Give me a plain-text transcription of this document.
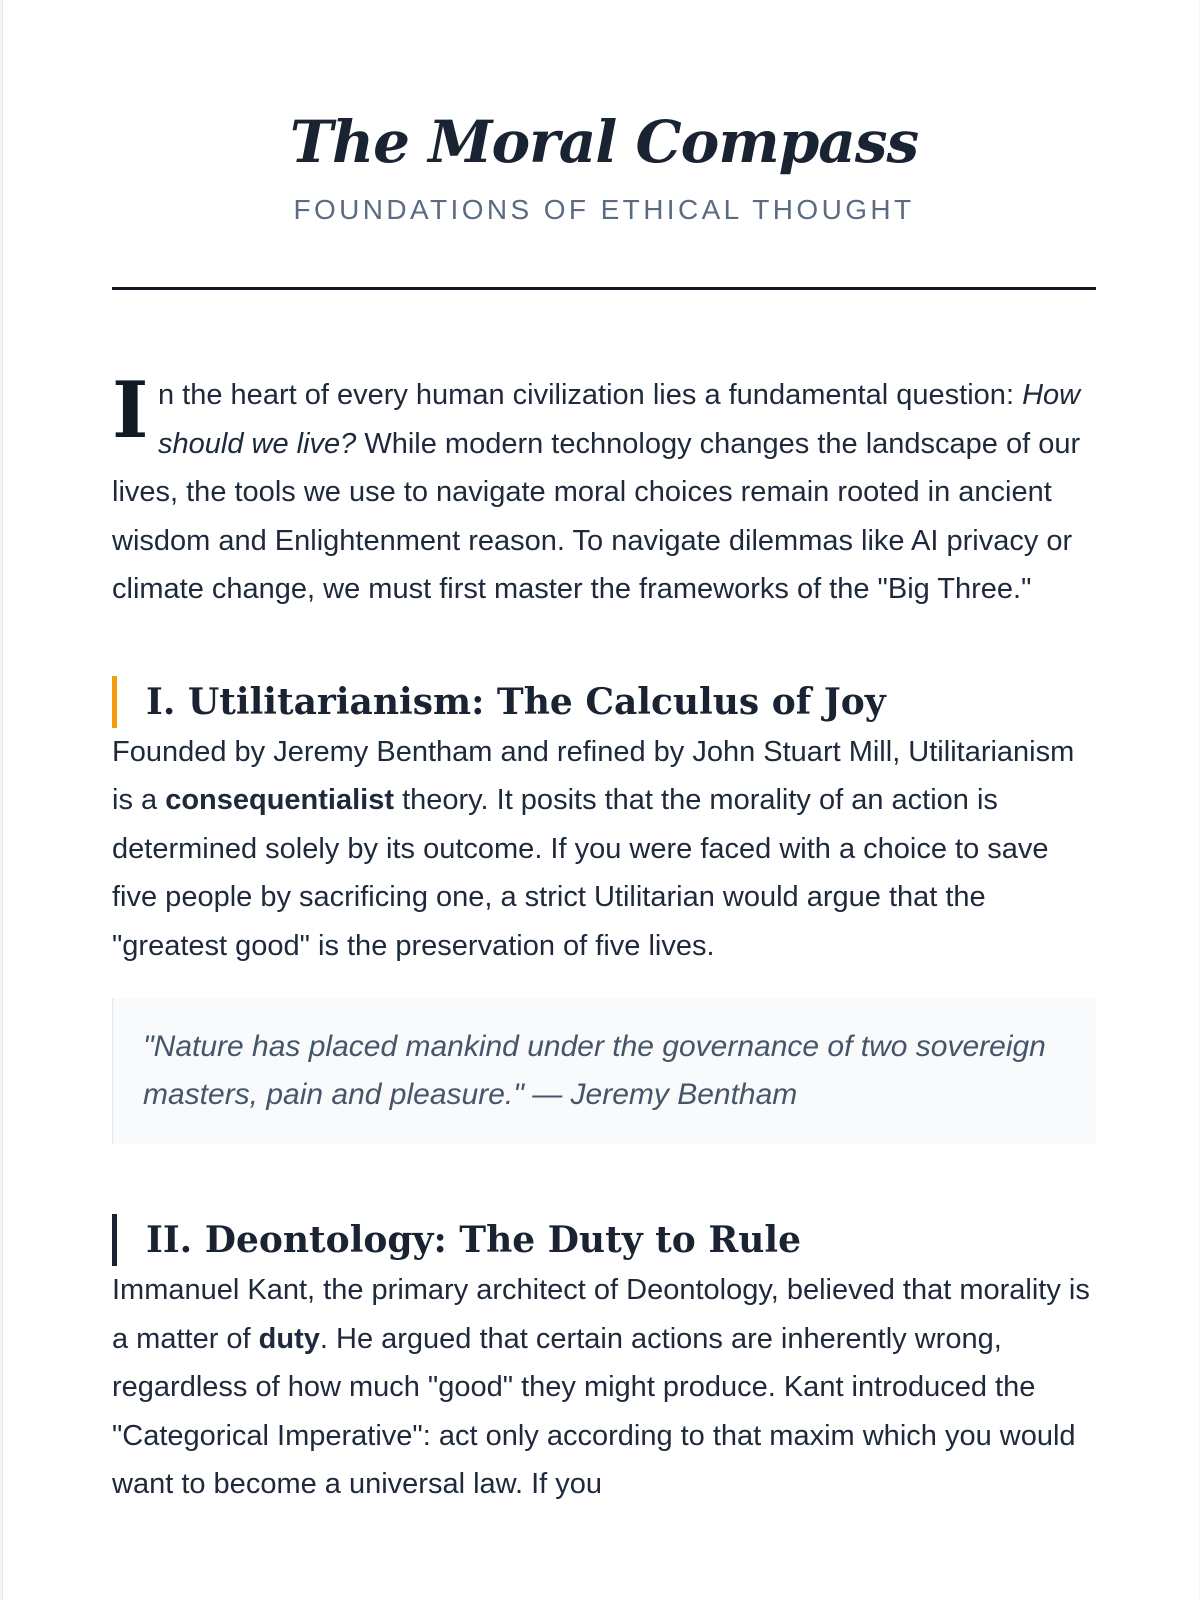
The Moral Compass
FOUNDATIONS OF ETHICAL THOUGHT

I n the heart of every human civilization lies a fundamental question: How should we live? While modern technology changes the landscape of our lives, the tools we use to navigate moral choices remain rooted in ancient wisdom and Enlightenment reason. To navigate dilemmas like AI privacy or climate change, we must first master the frameworks of the "Big Three."

I. Utilitarianism: The Calculus of Joy

Founded by Jeremy Bentham and refined by John Stuart Mill, Utilitarianism is a consequentialist theory. It posits that the morality of an action is determined solely by its outcome. If you were faced with a choice to save five people by sacrificing one, a strict Utilitarian would argue that the "greatest good" is the preservation of five lives.

"Nature has placed mankind under the governance of two sovereign masters, pain and pleasure." — Jeremy Bentham
II. Deontology: The Duty to Rule

Immanuel Kant, the primary architect of Deontology, believed that morality is a matter of duty. He argued that certain actions are inherently wrong, regardless of how much "good" they might produce. Kant introduced the "Categorical Imperative": act only according to that maxim which you would want to become a universal law. If you
